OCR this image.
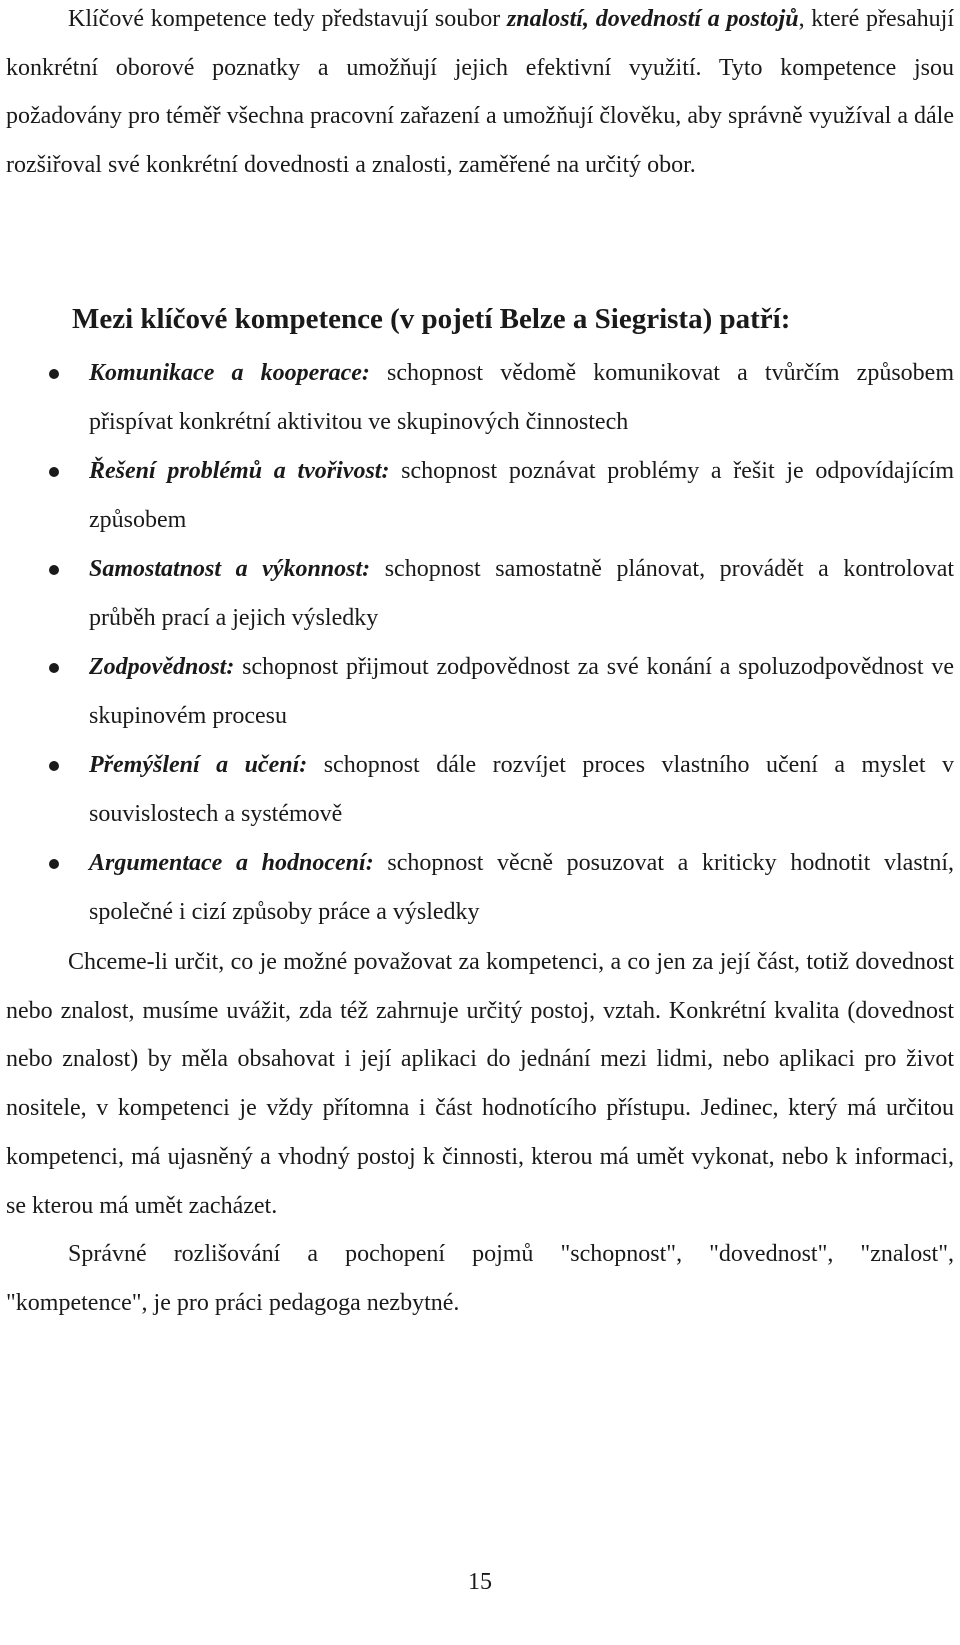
Klíčové kompetence tedy představují soubor znalostí, dovedností a postojů, které přesahují konkrétní oborové poznatky a umožňují jejich efektivní využití. Tyto kompetence jsou požadovány pro téměř všechna pracovní zařazení a umožňují člověku, aby správně využíval a dále rozšiřoval své konkrétní dovednosti a znalosti, zaměřené na určitý obor.

Mezi klíčové kompetence (v pojetí Belze a Siegrista) patří:
Komunikace a kooperace: schopnost vědomě komunikovat a tvůrčím způsobem přispívat konkrétní aktivitou ve skupinových činnostech
Řešení problémů a tvořivost: schopnost poznávat problémy a řešit je odpovídajícím způsobem
Samostatnost a výkonnost: schopnost samostatně plánovat, provádět a kontrolovat průběh prací a jejich výsledky
Zodpovědnost: schopnost přijmout zodpovědnost za své konání a spoluzodpovědnost ve skupinovém procesu
Přemýšlení a učení: schopnost dále rozvíjet proces vlastního učení a myslet v souvislostech a systémově
Argumentace a hodnocení: schopnost věcně posuzovat a kriticky hodnotit vlastní, společné i cizí způsoby práce a výsledky

Chceme-li určit, co je možné považovat za kompetenci, a co jen za její část, totiž dovednost nebo znalost, musíme uvážit, zda též zahrnuje určitý postoj, vztah. Konkrétní kvalita (dovednost nebo znalost) by měla obsahovat i její aplikaci do jednání mezi lidmi, nebo aplikaci pro život nositele, v kompetenci je vždy přítomna i část hodnotícího přístupu. Jedinec, který má určitou kompetenci, má ujasněný a vhodný postoj k činnosti, kterou má umět vykonat, nebo k informaci, se kterou má umět zacházet.

Správné rozlišování a pochopení pojmů "schopnost", "dovednost", "znalost", "kompetence", je pro práci pedagoga nezbytné.

15
